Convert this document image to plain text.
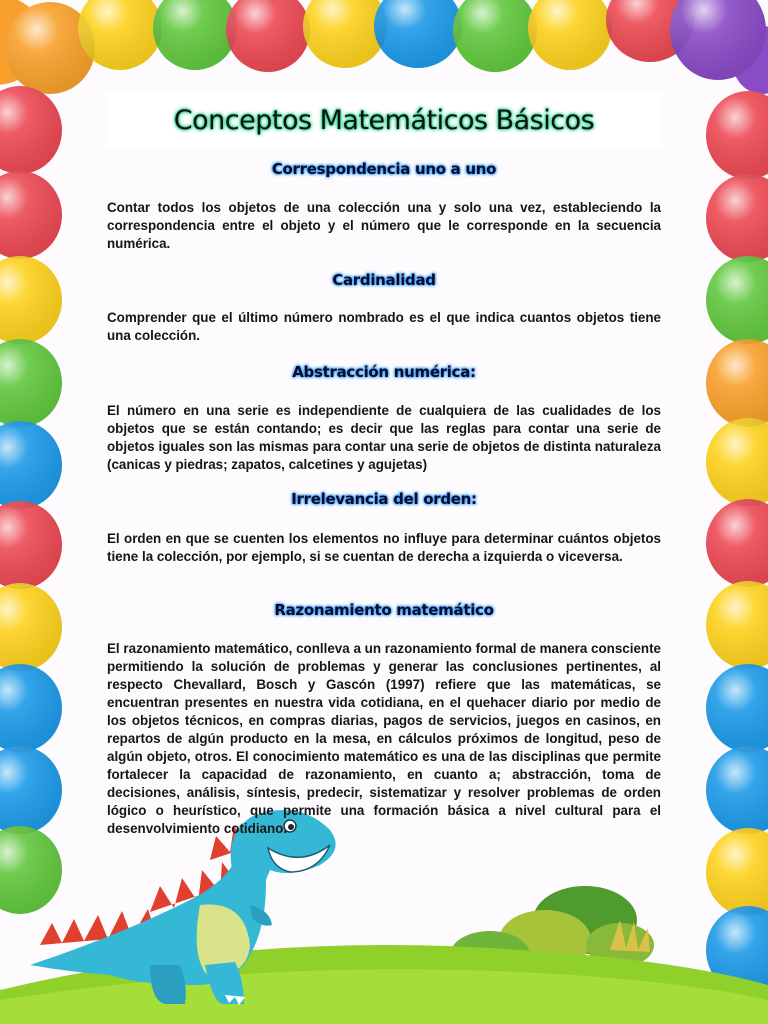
Conceptos Matemáticos Básicos
Correspondencia uno a uno

Contar todos los objetos de una colección una y solo una vez, estableciendo la correspondencia entre el objeto y el número que le corresponde en la secuencia numérica.

Cardinalidad

Comprender que el último número nombrado es el que indica cuantos objetos tiene una colección.

Abstracción numérica:

El número en una serie es independiente de cualquiera de las cualidades de los objetos que se están contando; es decir que las reglas para contar una serie de objetos iguales son las mismas para contar una serie de objetos de distinta naturaleza (canicas y piedras; zapatos, calcetines y agujetas)

Irrelevancia del orden:

El orden en que se cuenten los elementos no influye para determinar cuántos objetos tiene la colección, por ejemplo, si se cuentan de derecha a izquierda o viceversa.

Razonamiento matemático

El razonamiento matemático, conlleva a un razonamiento formal de manera consciente permitiendo la solución de problemas y generar las conclusiones pertinentes, al respecto Chevallard, Bosch y Gascón (1997) refiere que las matemáticas, se encuentran presentes en nuestra vida cotidiana, en el quehacer diario por medio de los objetos técnicos, en compras diarias, pagos de servicios, juegos en casinos, en repartos de algún producto en la mesa, en cálculos próximos de longitud, peso de algún objeto, otros. El conocimiento matemático es una de las disciplinas que permite fortalecer la capacidad de razonamiento, en cuanto a; abstracción, toma de decisiones, análisis, síntesis, predecir, sistematizar y resolver problemas de orden lógico o heurístico, que permite una formación básica a nivel cultural para el desenvolvimiento cotidiano.
